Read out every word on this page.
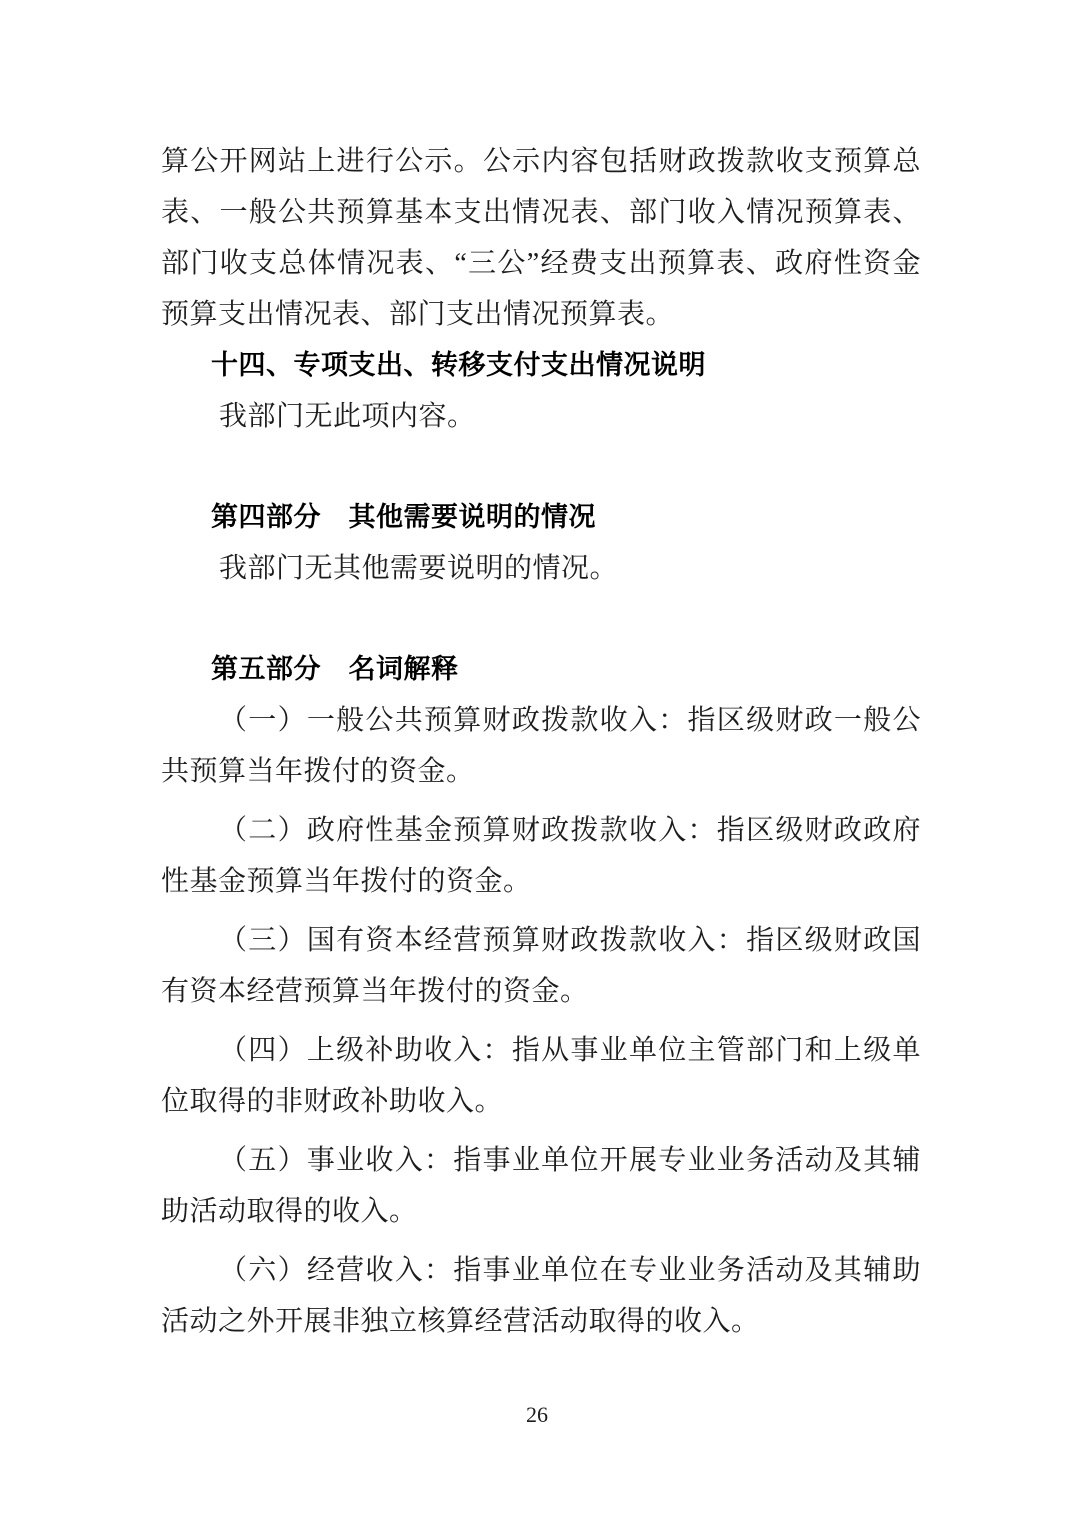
算公开网站上进行公示。公示内容包括财政拨款收支预算总表、一般公共预算基本支出情况表、部门收入情况预算表、部门收支总体情况表、“三公”经费支出预算表、政府性资金预算支出情况表、部门支出情况预算表。

十四、专项支出、转移支付支出情况说明

我部门无此项内容。

第四部分　其他需要说明的情况

我部门无其他需要说明的情况。

第五部分　名词解释

（一）一般公共预算财政拨款收入：指区级财政一般公共预算当年拨付的资金。

（二）政府性基金预算财政拨款收入：指区级财政政府性基金预算当年拨付的资金。

（三）国有资本经营预算财政拨款收入：指区级财政国有资本经营预算当年拨付的资金。

（四）上级补助收入：指从事业单位主管部门和上级单位取得的非财政补助收入。

（五）事业收入：指事业单位开展专业业务活动及其辅助活动取得的收入。

（六）经营收入：指事业单位在专业业务活动及其辅助活动之外开展非独立核算经营活动取得的收入。

26
